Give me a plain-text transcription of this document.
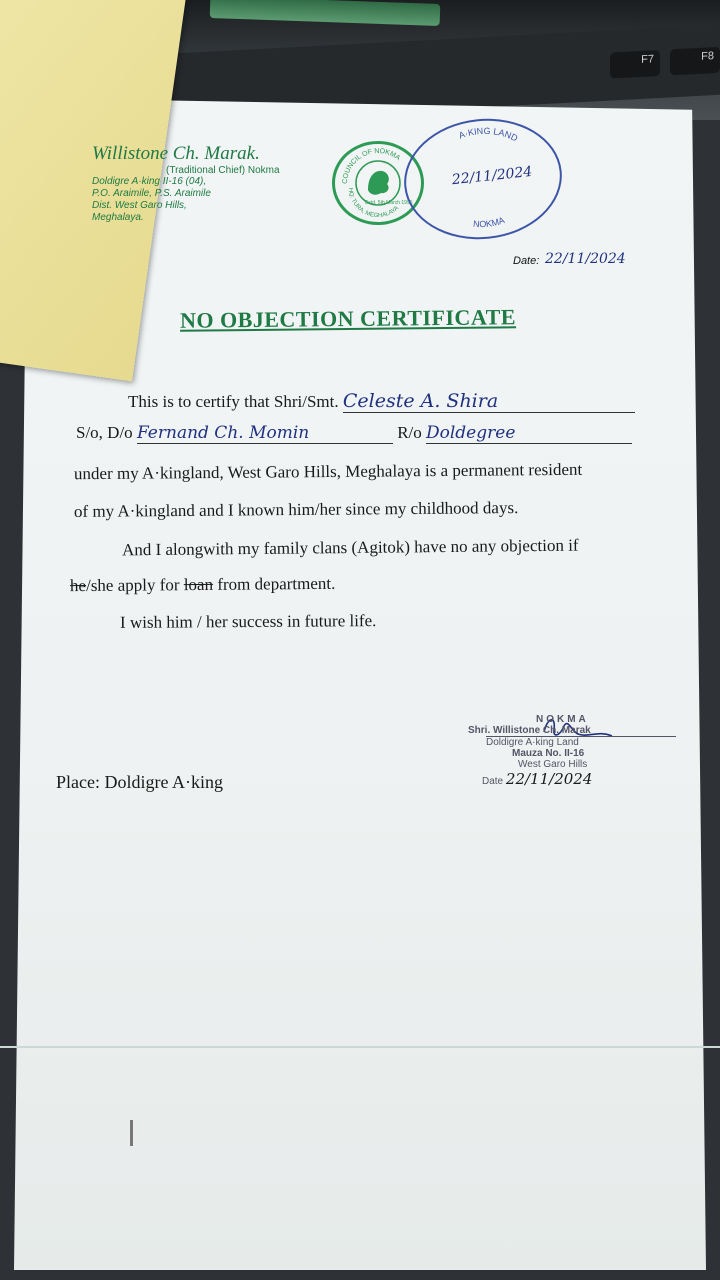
F7	F8
Willistone Ch. Marak.
(Traditional Chief) Nokma
Doldigre A·king II-16 (04),
P.O. Araimile, P.S. Araimile
Dist. West Garo Hills,
Meghalaya.
COUNCIL OF NOKMA
HQ: TURA, MEGHALAYA
Estd. 5th March 1995
A·KING LAND
NOKMA
22/11/2024
Date: 22/11/2024
NO OBJECTION CERTIFICATE
This is to certify that Shri/Smt. Celeste A. Shira
S/o, D/o Fernand Ch. Momin	R/o Doldegree
under my A·kingland, West Garo Hills, Meghalaya is a permanent resident
of my A·kingland and I known him/her since my childhood days.
And I alongwith my family clans (Agitok) have no any objection if
he/she apply for loan from department.
I wish him / her success in future life.
Place: Doldigre A·king
NOKMA
Shri. Willistone Ch. Marak
Doldigre A·king Land
Mauza No. II-16
West Garo Hills
Date 22/11/2024
